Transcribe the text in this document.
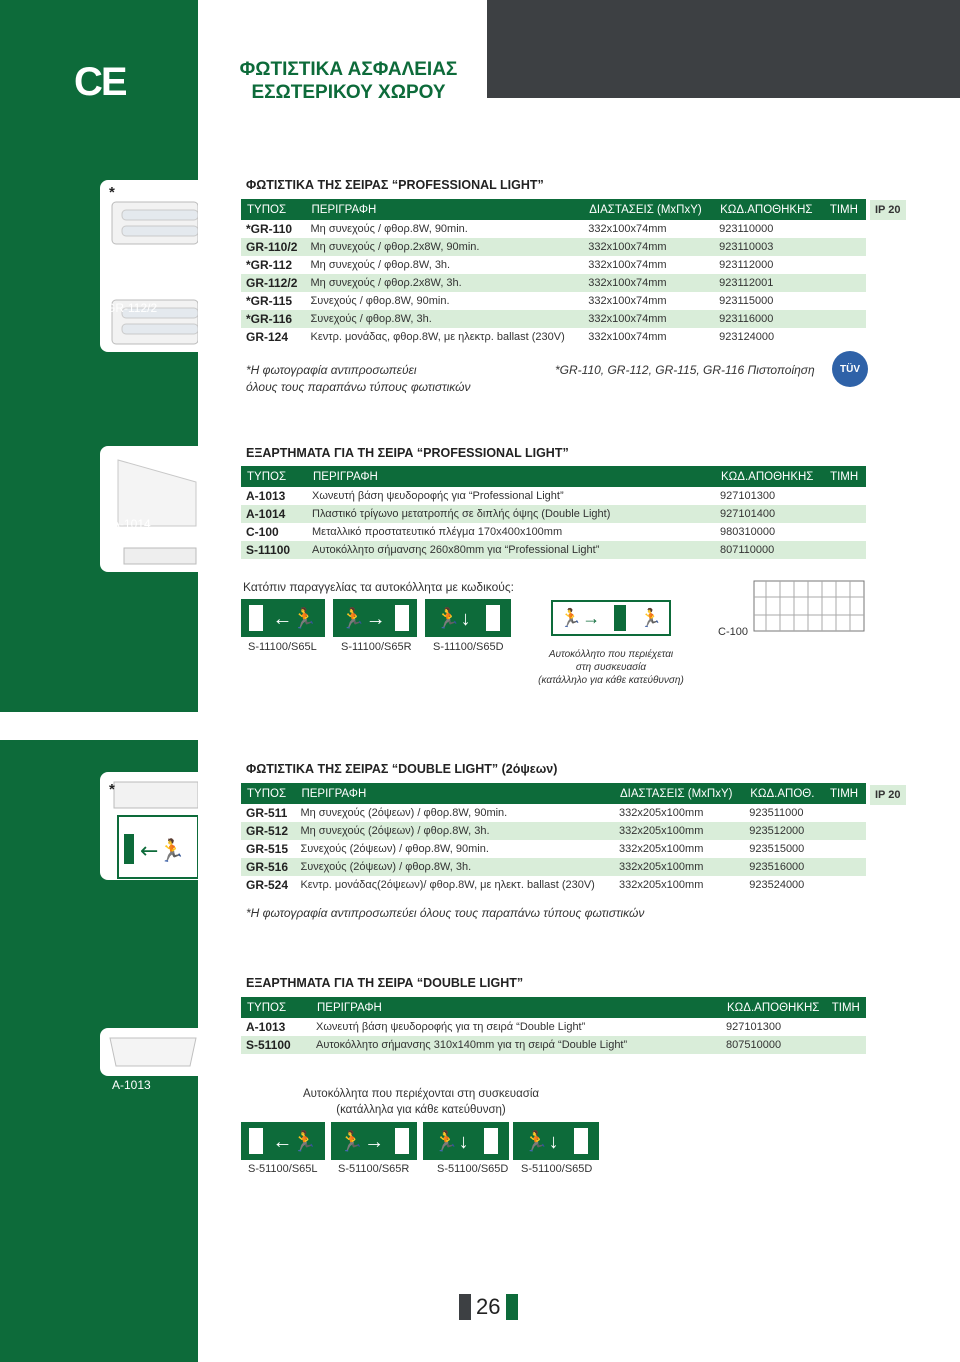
CE	ΦΩΤΙΣΤΙΚΑ ΑΣΦΑΛΕΙΑΣ
ΕΣΩΤΕΡΙΚΟΥ ΧΩΡΟΥ
*
GR-110/2
GR-112/2
ΦΩΤΙΣΤΙΚΑ ΤΗΣ ΣΕΙΡΑΣ “PROFESSIONAL LIGHT”
ΤΥΠΟΣ	ΠΕΡΙΓΡΑΦΗ	ΔΙΑΣΤΑΣΕΙΣ (ΜxΠxΥ)	ΚΩΔ.ΑΠΟΘΗΚΗΣ	ΤΙΜΗ
*GR-110	Μη συνεχούς / φθορ.8W, 90min.	332x100x74mm	923110000	
GR-110/2	Μη συνεχούς / φθορ.2x8W, 90min.	332x100x74mm	923110003	
*GR-112	Μη συνεχούς / φθορ.8W, 3h.	332x100x74mm	923112000	
GR-112/2	Μη συνεχούς / φθορ.2x8W, 3h.	332x100x74mm	923112001	
*GR-115	Συνεχούς / φθορ.8W, 90min.	332x100x74mm	923115000	
*GR-116	Συνεχούς / φθορ.8W, 3h.	332x100x74mm	923116000	
GR-124	Κεντρ. μονάδας, φθορ.8W, με ηλεκτρ. ballast (230V)	332x100x74mm	923124000	
IP 20
*Η φωτογραφία αντιπροσωπεύει
όλους τους παραπάνω τύπους φωτιστικών
*GR-110, GR-112, GR-115, GR-116 Πιστοποίηση	TÜV
A-1014
ΕΞΑΡΤΗΜΑΤΑ ΓΙΑ ΤΗ ΣΕΙΡΑ “PROFESSIONAL LIGHT”
ΤΥΠΟΣ	ΠΕΡΙΓΡΑΦΗ	ΚΩΔ.ΑΠΟΘΗΚΗΣ	ΤΙΜΗ
A-1013	Χωνευτή βάση ψευδοροφής για “Professional Light”	927101300	
A-1014	Πλαστικό τρίγωνο μετατροπής σε διπλής όψης (Double Light)	927101400	
C-100	Μεταλλικό προστατευτικό πλέγμα 170x400x100mm	980310000	
S-11100	Αυτοκόλλητο σήμανσης 260x80mm για “Professional Light”	807110000	
Κατόπιν παραγγελίας τα αυτοκόλλητα με κωδικούς:
←🏃 🏃→	🏃↓
S-11100/S65L S-11100/S65R S-11100/S65D
🏃→ 🏃
Αυτοκόλλητο που περιέχεται
στη συσκευασία
(κατάλληλο για κάθε κατεύθυνση)
C-100
←🏃
*
ΦΩΤΙΣΤΙΚΑ ΤΗΣ ΣΕΙΡΑΣ “DOUBLE LIGHT” (2όψεων)
ΤΥΠΟΣ	ΠΕΡΙΓΡΑΦΗ	ΔΙΑΣΤΑΣΕΙΣ (ΜxΠxΥ)	ΚΩΔ.ΑΠΟΘ.	ΤΙΜΗ
GR-511	Μη συνεχούς (2όψεων) / φθορ.8W, 90min.	332x205x100mm	923511000	
GR-512	Μη συνεχούς (2όψεων) / φθορ.8W, 3h.	332x205x100mm	923512000	
GR-515	Συνεχούς (2όψεων) / φθορ.8W, 90min.	332x205x100mm	923515000	
GR-516	Συνεχούς (2όψεων) / φθορ.8W, 3h.	332x205x100mm	923516000	
GR-524	Κεντρ. μονάδας(2όψεων)/ φθορ.8W, με ηλεκτ. ballast (230V)	332x205x100mm	923524000	
IP 20
*Η φωτογραφία αντιπροσωπεύει όλους τους παραπάνω τύπους φωτιστικών
A-1013
ΕΞΑΡΤΗΜΑΤΑ ΓΙΑ ΤΗ ΣΕΙΡΑ “DOUBLE LIGHT”
ΤΥΠΟΣ	ΠΕΡΙΓΡΑΦΗ	ΚΩΔ.ΑΠΟΘΗΚΗΣ	ΤΙΜΗ
A-1013	Χωνευτή βάση ψευδοροφής για τη σειρά “Double Light”	927101300	
S-51100	Αυτοκόλλητο σήμανσης 310x140mm για τη σειρά “Double Light”	807510000	
Αυτοκόλλητα που περιέχονται στη συσκευασία
(κατάλληλα για κάθε κατεύθυνση)
←🏃 🏃→ 🏃↓	🏃↓
S-51100/S65L S-51100/S65R	S-51100/S65D S-51100/S65D
26
